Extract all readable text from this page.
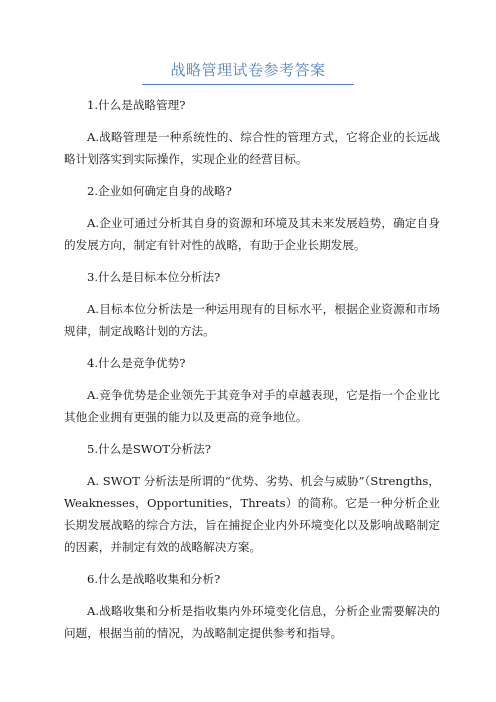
战略管理试卷参考答案

1.什么是战略管理?

A.战略管理是一种系统性的、综合性的管理方式，它将企业的长远战略计划落实到实际操作，实现企业的经营目标。

2.企业如何确定自身的战略?

A.企业可通过分析其自身的资源和环境及其未来发展趋势，确定自身的发展方向，制定有针对性的战略，有助于企业长期发展。

3.什么是目标本位分析法?

A.目标本位分析法是一种运用现有的目标水平，根据企业资源和市场规律，制定战略计划的方法。

4.什么是竞争优势?

A.竞争优势是企业领先于其竞争对手的卓越表现，它是指一个企业比其他企业拥有更强的能力以及更高的竞争地位。

5.什么是SWOT分析法?

A. SWOT 分析法是所谓的“优势、劣势、机会与威胁”（Strengths，Weaknesses，Opportunities，Threats）的简称。它是一种分析企业长期发展战略的综合方法，旨在捕捉企业内外环境变化以及影响战略制定的因素，并制定有效的战略解决方案。

6.什么是战略收集和分析?

A.战略收集和分析是指收集内外环境变化信息，分析企业需要解决的问题，根据当前的情况，为战略制定提供参考和指导。
